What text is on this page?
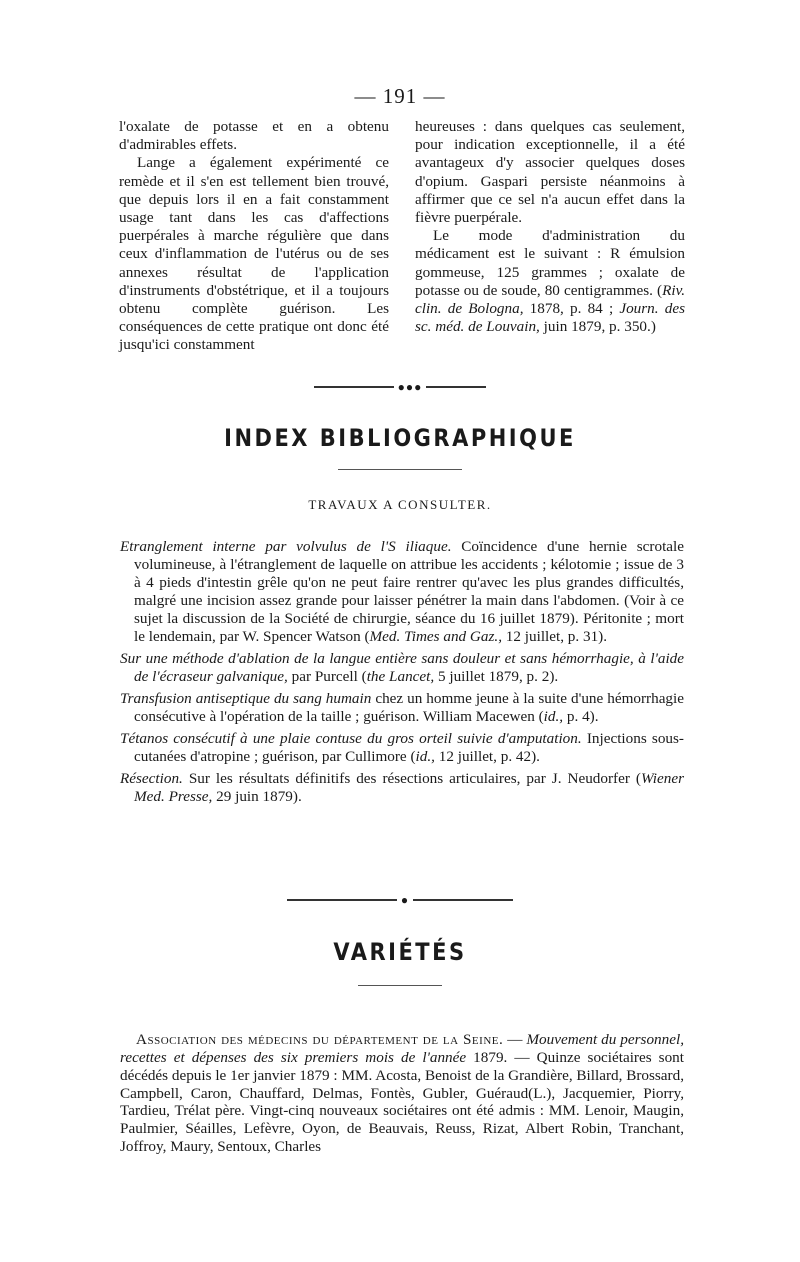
— 191 —

l'oxalate de potasse et en a obtenu d'admirables effets.

Lange a également expérimenté ce remède et il s'en est tellement bien trouvé, que depuis lors il en a fait constamment usage tant dans les cas d'affections puerpérales à marche régulière que dans ceux d'inflammation de l'utérus ou de ses annexes résultat de l'application d'instruments d'obstétrique, et il a toujours obtenu complète guérison. Les conséquences de cette pratique ont donc été jusqu'ici constamment

heureuses : dans quelques cas seulement, pour indication exceptionnelle, il a été avantageux d'y associer quelques doses d'opium. Gaspari persiste néanmoins à affirmer que ce sel n'a aucun effet dans la fièvre puerpérale.

Le mode d'administration du médicament est le suivant : R émulsion gommeuse, 125 grammes ; oxalate de potasse ou de soude, 80 centigrammes. (Riv. clin. de Bologna, 1878, p. 84 ; Journ. des sc. méd. de Louvain, juin 1879, p. 350.)

●●●
INDEX BIBLIOGRAPHIQUE
TRAVAUX A CONSULTER.

Etranglement interne par volvulus de l'S iliaque. Coïncidence d'une hernie scrotale volumineuse, à l'étranglement de laquelle on attribue les accidents ; kélotomie ; issue de 3 à 4 pieds d'intestin grêle qu'on ne peut faire rentrer qu'avec les plus grandes difficultés, malgré une incision assez grande pour laisser pénétrer la main dans l'abdomen. (Voir à ce sujet la discussion de la Société de chirurgie, séance du 16 juillet 1879). Péritonite ; mort le lendemain, par W. Spencer Watson (Med. Times and Gaz., 12 juillet, p. 31).

Sur une méthode d'ablation de la langue entière sans douleur et sans hémorrhagie, à l'aide de l'écraseur galvanique, par Purcell (the Lancet, 5 juillet 1879, p. 2).

Transfusion antiseptique du sang humain chez un homme jeune à la suite d'une hémorrhagie consécutive à l'opération de la taille ; guérison. William Macewen (id., p. 4).

Tétanos consécutif à une plaie contuse du gros orteil suivie d'amputation. Injections sous-cutanées d'atropine ; guérison, par Cullimore (id., 12 juillet, p. 42).

Résection. Sur les résultats définitifs des résections articulaires, par J. Neudorfer (Wiener Med. Presse, 29 juin 1879).

●
VARIÉTÉS

Association des médecins du département de la Seine. — Mouvement du personnel, recettes et dépenses des six premiers mois de l'année 1879. — Quinze sociétaires sont décédés depuis le 1er janvier 1879 : MM. Acosta, Benoist de la Grandière, Billard, Brossard, Campbell, Caron, Chauffard, Delmas, Fontès, Gubler, Guéraud(L.), Jacquemier, Piorry, Tardieu, Trélat père. Vingt-cinq nouveaux sociétaires ont été admis : MM. Lenoir, Maugin, Paulmier, Séailles, Lefèvre, Oyon, de Beauvais, Reuss, Rizat, Albert Robin, Tranchant, Joffroy, Maury, Sentoux, Charles
